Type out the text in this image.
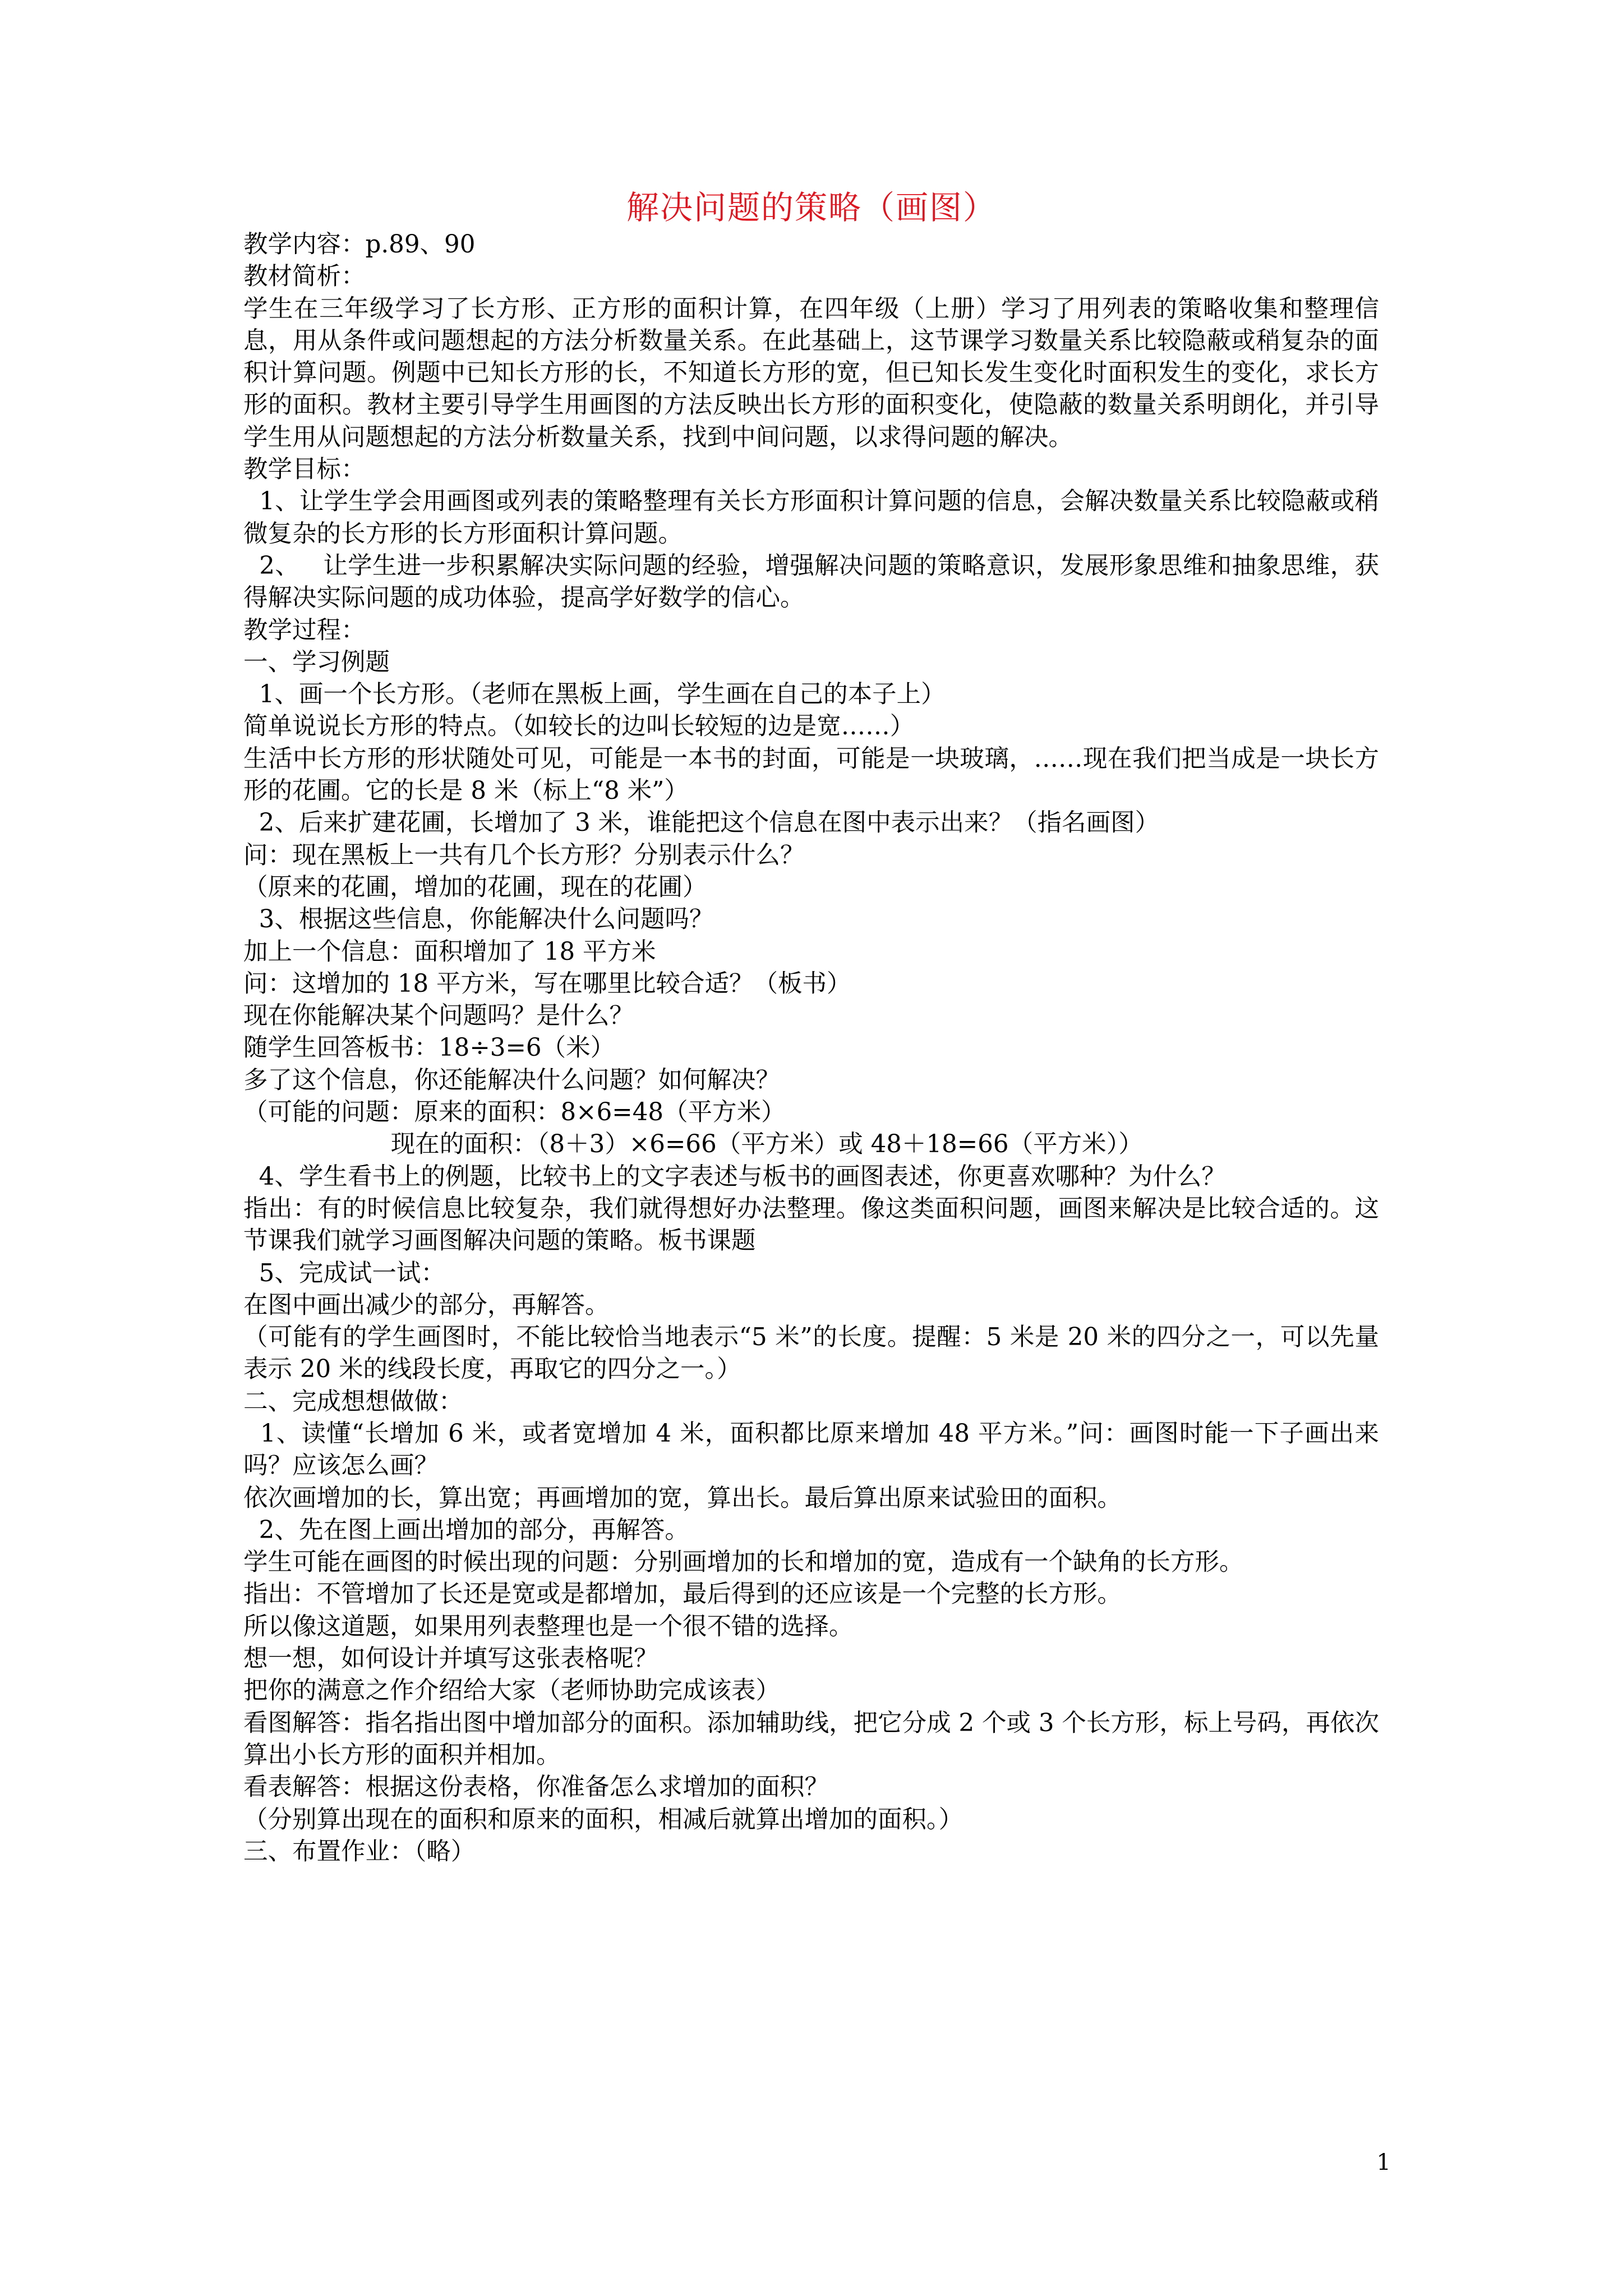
解决问题的策略（画图）

教学内容：p.89、90

教材简析：

学生在三年级学习了长方形、正方形的面积计算，在四年级（上册）学习了用列表的策略收集和整理信息，用从条件或问题想起的方法分析数量关系。在此基础上，这节课学习数量关系比较隐蔽或稍复杂的面积计算问题。例题中已知长方形的长，不知道长方形的宽，但已知长发生变化时面积发生的变化，求长方形的面积。教材主要引导学生用画图的方法反映出长方形的面积变化，使隐蔽的数量关系明朗化，并引导学生用从问题想起的方法分析数量关系，找到中间问题，以求得问题的解决。

教学目标：

1、让学生学会用画图或列表的策略整理有关长方形面积计算问题的信息，会解决数量关系比较隐蔽或稍微复杂的长方形的长方形面积计算问题。

2、   让学生进一步积累解决实际问题的经验，增强解决问题的策略意识，发展形象思维和抽象思维，获得解决实际问题的成功体验，提高学好数学的信心。

教学过程：

一、学习例题

1、画一个长方形。（老师在黑板上画，学生画在自己的本子上）

简单说说长方形的特点。（如较长的边叫长较短的边是宽……）

生活中长方形的形状随处可见，可能是一本书的封面，可能是一块玻璃，……现在我们把当成是一块长方形的花圃。它的长是 8 米（标上“8 米”）

2、后来扩建花圃，长增加了 3 米，谁能把这个信息在图中表示出来？（指名画图）

问：现在黑板上一共有几个长方形？分别表示什么？

（原来的花圃，增加的花圃，现在的花圃）

3、根据这些信息，你能解决什么问题吗？

加上一个信息：面积增加了 18 平方米

问：这增加的 18 平方米，写在哪里比较合适？（板书）

现在你能解决某个问题吗？是什么？

随学生回答板书：18÷3=6（米）

多了这个信息，你还能解决什么问题？如何解决？

（可能的问题：原来的面积：8×6=48（平方米）

现在的面积：（8＋3）×6=66（平方米）或 48＋18=66（平方米））

4、学生看书上的例题，比较书上的文字表述与板书的画图表述，你更喜欢哪种？为什么？

指出：有的时候信息比较复杂，我们就得想好办法整理。像这类面积问题，画图来解决是比较合适的。这节课我们就学习画图解决问题的策略。板书课题

5、完成试一试：

在图中画出减少的部分，再解答。

（可能有的学生画图时，不能比较恰当地表示“5 米”的长度。提醒：5 米是 20 米的四分之一，可以先量表示 20 米的线段长度，再取它的四分之一。）

二、完成想想做做：

1、读懂“长增加 6 米，或者宽增加 4 米，面积都比原来增加 48 平方米。”问：画图时能一下子画出来吗？应该怎么画？

依次画增加的长，算出宽；再画增加的宽，算出长。最后算出原来试验田的面积。

2、先在图上画出增加的部分，再解答。

学生可能在画图的时候出现的问题：分别画增加的长和增加的宽，造成有一个缺角的长方形。

指出：不管增加了长还是宽或是都增加，最后得到的还应该是一个完整的长方形。

所以像这道题，如果用列表整理也是一个很不错的选择。

想一想，如何设计并填写这张表格呢？

把你的满意之作介绍给大家（老师协助完成该表）

看图解答：指名指出图中增加部分的面积。添加辅助线，把它分成 2 个或 3 个长方形，标上号码，再依次算出小长方形的面积并相加。

看表解答：根据这份表格，你准备怎么求增加的面积？

（分别算出现在的面积和原来的面积，相减后就算出增加的面积。）

三、布置作业：（略）

1
